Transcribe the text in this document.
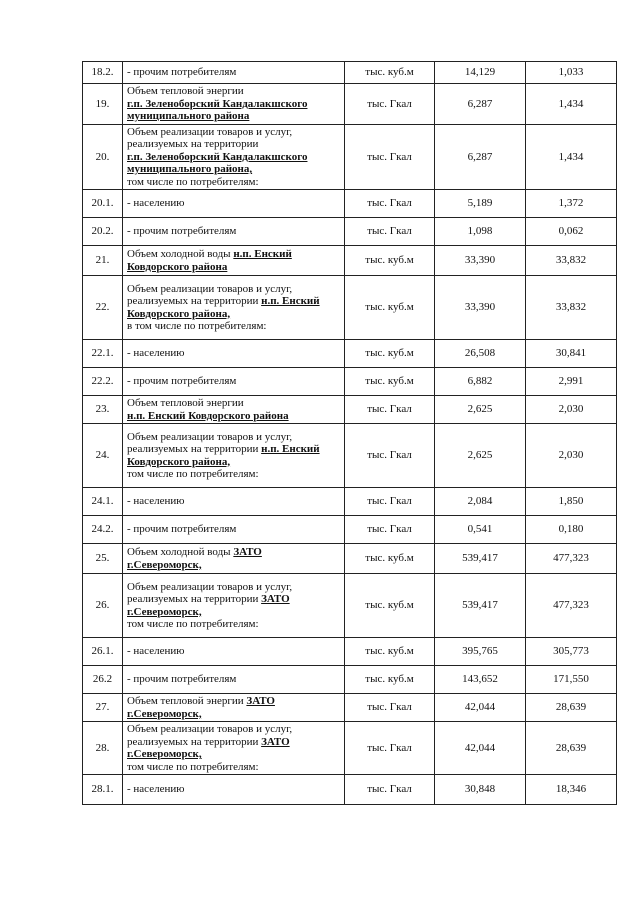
18.2.	- прочим потребителям	тыс. куб.м	14,129	1,033
19.	Объем тепловой энергии
г.п. Зеленоборский Кандалакшского
муниципального района	тыс. Гкал	6,287	1,434
20.	Объем реализации товаров и услуг,
реализуемых на территории
г.п. Зеленоборский Кандалакшского
муниципального района,
том числе по потребителям:	тыс. Гкал	6,287	1,434
20.1.	- населению	тыс. Гкал	5,189	1,372
20.2.	- прочим потребителям	тыс. Гкал	1,098	0,062
21.	Объем холодной воды н.п. Енский
Ковдорского района	тыс. куб.м	33,390	33,832
22.	Объем реализации товаров и услуг,
реализуемых на территории н.п. Енский
Ковдорского района,
в том числе по потребителям:	тыс. куб.м	33,390	33,832
22.1.	- населению	тыс. куб.м	26,508	30,841
22.2.	- прочим потребителям	тыс. куб.м	6,882	2,991
23.	Объем тепловой энергии
н.п. Енский Ковдорского района	тыс. Гкал	2,625	2,030
24.	Объем реализации товаров и услуг,
реализуемых на территории н.п. Енский
Ковдорского района,
том числе по потребителям:	тыс. Гкал	2,625	2,030
24.1.	- населению	тыс. Гкал	2,084	1,850
24.2.	- прочим потребителям	тыс. Гкал	0,541	0,180
25.	Объем холодной воды ЗАТО
г.Североморск,	тыс. куб.м	539,417	477,323
26.	Объем реализации товаров и услуг,
реализуемых на территории ЗАТО
г.Североморск,
том числе по потребителям:	тыс. куб.м	539,417	477,323
26.1.	- населению	тыс. куб.м	395,765	305,773
26.2	- прочим потребителям	тыс. куб.м	143,652	171,550
27.	Объем тепловой энергии ЗАТО
г.Североморск,	тыс. Гкал	42,044	28,639
28.	Объем реализации товаров и услуг,
реализуемых на территории ЗАТО
г.Североморск,
том числе по потребителям:	тыс. Гкал	42,044	28,639
28.1.	- населению	тыс. Гкал	30,848	18,346
